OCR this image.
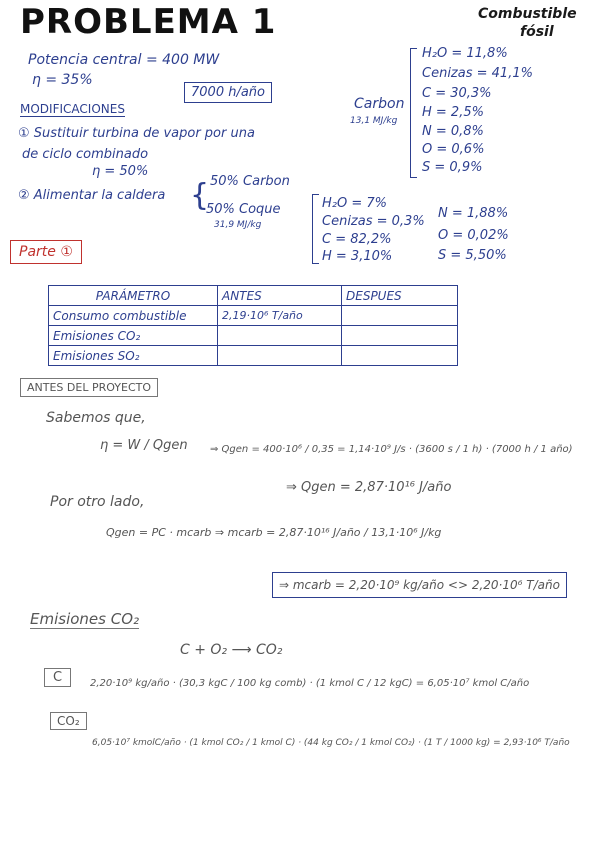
PROBLEMA 1	Combustible
fósil
Potencia central = 400 MW
η = 35%
7000 h/año
MODIFICACIONES
① Sustituir turbina de vapor por una
de ciclo combinado
η = 50%
② Alimentar la caldera { 50% Carbon
50% Coque
31,9 MJ/kg
Carbon
13,1 MJ/kg
H₂O = 11,8%
Cenizas = 41,1%
C = 30,3%
H = 2,5%
N = 0,8%
O = 0,6%
S = 0,9%
H₂O = 7%
Cenizas = 0,3%
C = 82,2%
H = 3,10%
N = 1,88%
O = 0,02%
S = 5,50%
Parte ①
PARÁMETRO	ANTES	DESPUES
Consumo combustible	2,19·10⁶ T/año	
Emisiones CO₂		
Emisiones SO₂		
ANTES DEL PROYECTO
Sabemos que,
η = W / Qgen ⇒ Qgen = 400·10⁶ / 0,35 = 1,14·10⁹ J/s · (3600 s / 1 h) · (7000 h / 1 año)
⇒ Qgen = 2,87·10¹⁶ J/año
Por otro lado,
Qgen = PC · mcarb ⇒ mcarb = 2,87·10¹⁶ J/año / 13,1·10⁶ J/kg
⇒ mcarb = 2,20·10⁹ kg/año <> 2,20·10⁶ T/año
Emisiones CO₂
C + O₂ ⟶ CO₂
C	2,20·10⁹ kg/año · (30,3 kgC / 100 kg comb) · (1 kmol C / 12 kgC) = 6,05·10⁷ kmol C/año
CO₂
6,05·10⁷ kmolC/año · (1 kmol CO₂ / 1 kmol C) · (44 kg CO₂ / 1 kmol CO₂) · (1 T / 1000 kg) = 2,93·10⁶ T/año
